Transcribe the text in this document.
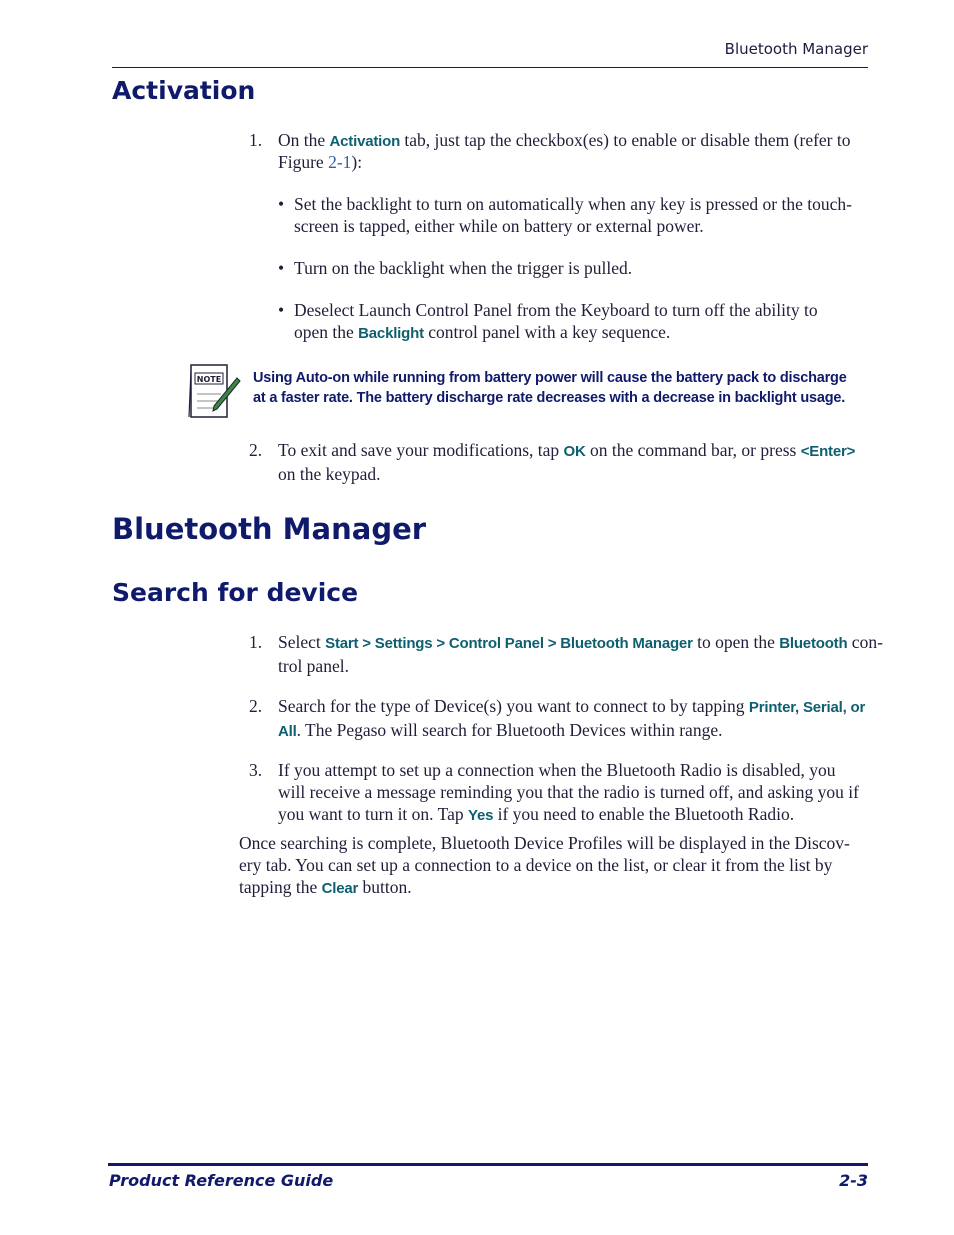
Bluetooth Manager
Activation
1. On the Activation tab, just tap the checkbox(es) to enable or disable them (refer to
Figure 2-1):
• Set the backlight to turn on automatically when any key is pressed or the touch-
screen is tapped, either while on battery or external power.
• Turn on the backlight when the trigger is pulled.
• Deselect Launch Control Panel from the Keyboard to turn off the ability to
open the Backlight control panel with a key sequence.
NOTE Using Auto-on while running from battery power will cause the battery pack to discharge
at a faster rate. The battery discharge rate decreases with a decrease in backlight usage.
2. To exit and save your modifications, tap OK on the command bar, or press <Enter>
on the keypad.
Bluetooth Manager
Search for device
1. Select Start > Settings > Control Panel > Bluetooth Manager to open the Bluetooth con-
trol panel.
2. Search for the type of Device(s) you want to connect to by tapping Printer, Serial, or
All. The Pegaso will search for Bluetooth Devices within range.
3. If you attempt to set up a connection when the Bluetooth Radio is disabled, you
will receive a message reminding you that the radio is turned off, and asking you if
you want to turn it on. Tap Yes if you need to enable the Bluetooth Radio.
Once searching is complete, Bluetooth Device Profiles will be displayed in the Discov-
ery tab. You can set up a connection to a device on the list, or clear it from the list by
tapping the Clear button.
Product Reference Guide	2-3
